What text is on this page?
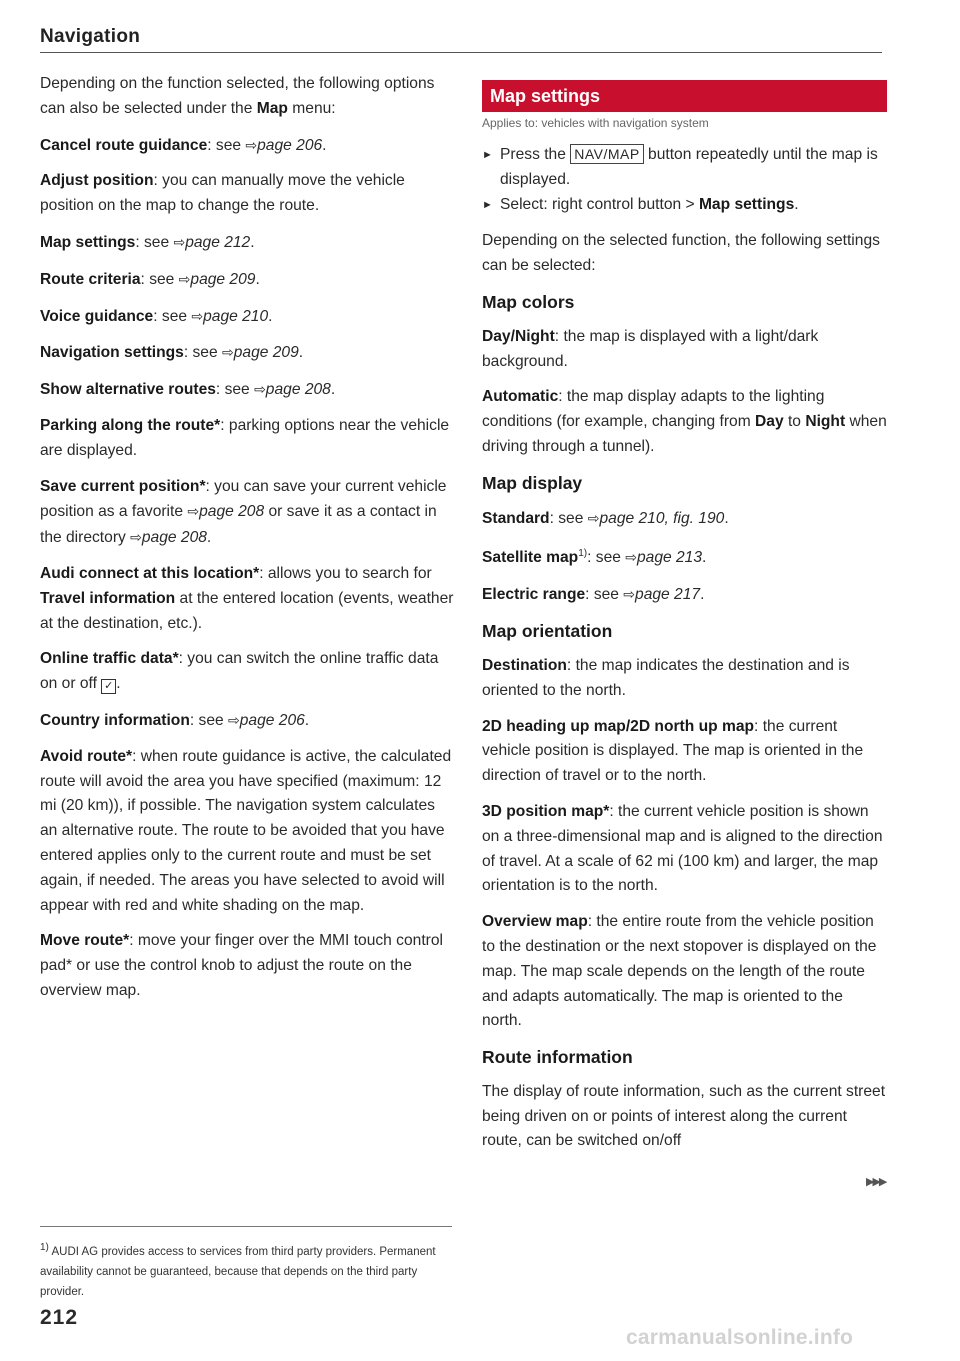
Navigation

Depending on the function selected, the following options can also be selected under the Map menu:

Cancel route guidance: see ⇨page 206.

Adjust position: you can manually move the vehicle position on the map to change the route.

Map settings: see ⇨page 212.

Route criteria: see ⇨page 209.

Voice guidance: see ⇨page 210.

Navigation settings: see ⇨page 209.

Show alternative routes: see ⇨page 208.

Parking along the route*: parking options near the vehicle are displayed.

Save current position*: you can save your current vehicle position as a favorite ⇨page 208 or save it as a contact in the directory ⇨page 208.

Audi connect at this location*: allows you to search for Travel information at the entered location (events, weather at the destination, etc.).

Online traffic data*: you can switch the online traffic data on or off ✓ .

Country information: see ⇨page 206.

Avoid route*: when route guidance is active, the calculated route will avoid the area you have specified (maximum: 12 mi (20 km)), if possible. The navigation system calculates an alternative route. The route to be avoided that you have entered applies only to the current route and must be set again, if needed. The areas you have selected to avoid will appear with red and white shading on the map.

Move route*: move your finger over the MMI touch control pad* or use the control knob to adjust the route on the overview map.

$^{1)}$ AUDI AG provides access to services from third party providers. Permanent availability cannot be guaranteed, because that depends on the third party provider.
212
Map settings
Applies to: vehicles with navigation system
► Press the NAV/MAP button repeatedly until the map is displayed.
► Select: right control button > Map settings.

Depending on the selected function, the following settings can be selected:

Map colors

Day/Night: the map is displayed with a light/dark background.

Automatic: the map display adapts to the lighting conditions (for example, changing from Day to Night when driving through a tunnel).

Map display

Standard: see ⇨page 210, fig. 190.

Satellite map$^{1)}$: see ⇨page 213.

Electric range: see ⇨page 217.

Map orientation

Destination: the map indicates the destination and is oriented to the north.

2D heading up map/2D north up map: the current vehicle position is displayed. The map is oriented in the direction of travel or to the north.

3D position map*: the current vehicle position is shown on a three-dimensional map and is aligned to the direction of travel. At a scale of 62 mi (100 km) and larger, the map orientation is to the north.

Overview map: the entire route from the vehicle position to the destination or the next stopover is displayed on the map. The map scale depends on the length of the route and adapts automatically. The map is oriented to the north.

Route information

The display of route information, such as the current street being driven on or points of interest along the current route, can be switched on/off

▶▶▶
carmanualsonline.info
